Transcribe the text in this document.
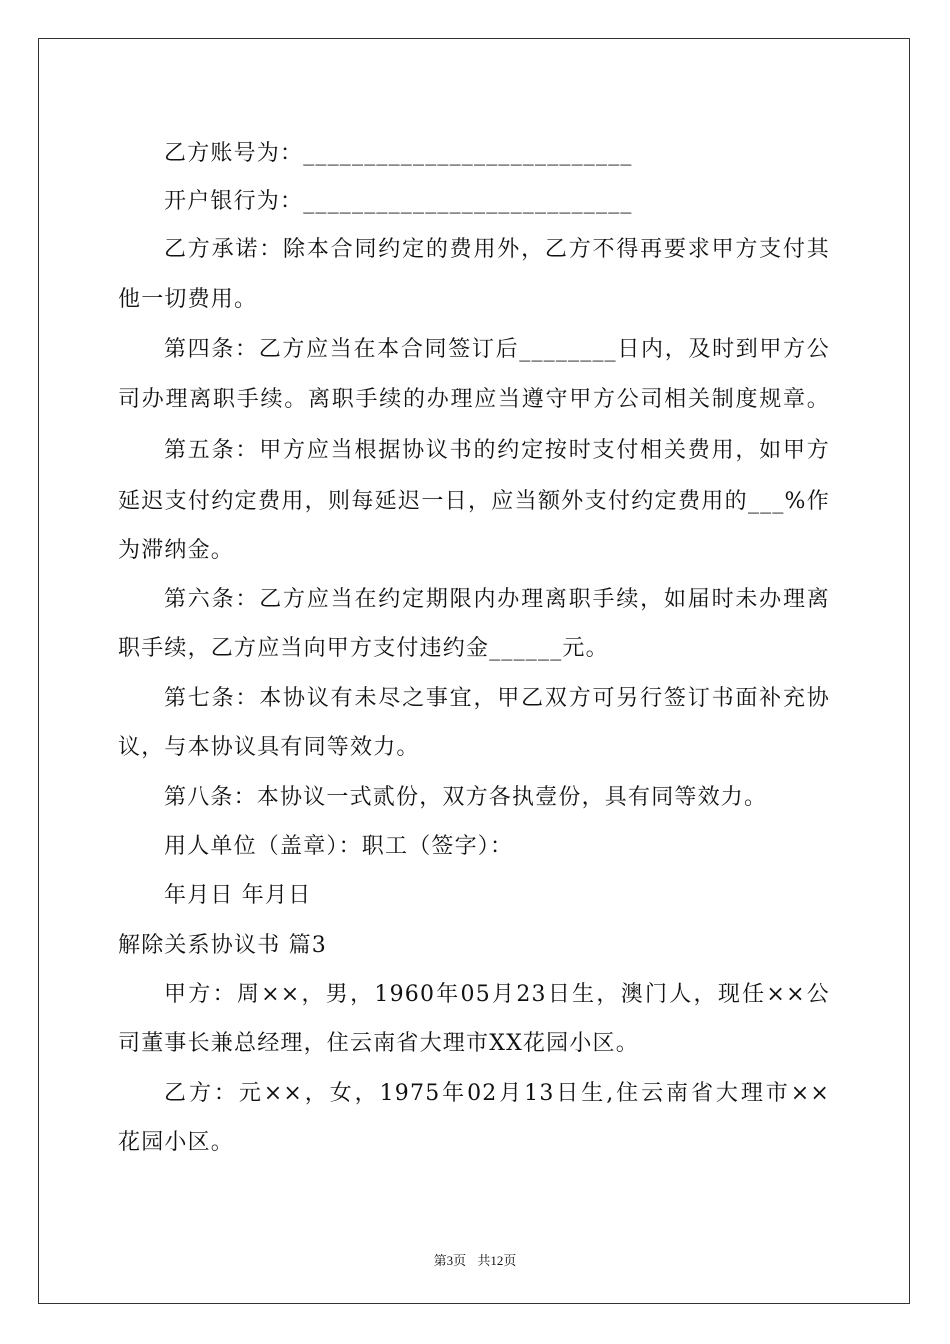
乙方账号为：___________________________
开户银行为：___________________________
乙方承诺：除本合同约定的费用外，乙方不得再要求甲方支付其
他一切费用。
第四条：乙方应当在本合同签订后________日内，及时到甲方公
司办理离职手续。离职手续的办理应当遵守甲方公司相关制度规章。
第五条：甲方应当根据协议书的约定按时支付相关费用，如甲方
延迟支付约定费用，则每延迟一日，应当额外支付约定费用的___%作
为滞纳金。
第六条：乙方应当在约定期限内办理离职手续，如届时未办理离
职手续，乙方应当向甲方支付违约金______元。
第七条：本协议有未尽之事宜，甲乙双方可另行签订书面补充协
议，与本协议具有同等效力。
第八条：本协议一式贰份，双方各执壹份，具有同等效力。
用人单位（盖章）：职工（签字）：
年月日 年月日
解除关系协议书 篇3
甲方：周××，男，1960年05月23日生，澳门人，现任××公
司董事长兼总经理，住云南省大理市XX花园小区。
乙方：元××，女，1975年02月13日生,住云南省大理市××
花园小区。
第3页 共12页
